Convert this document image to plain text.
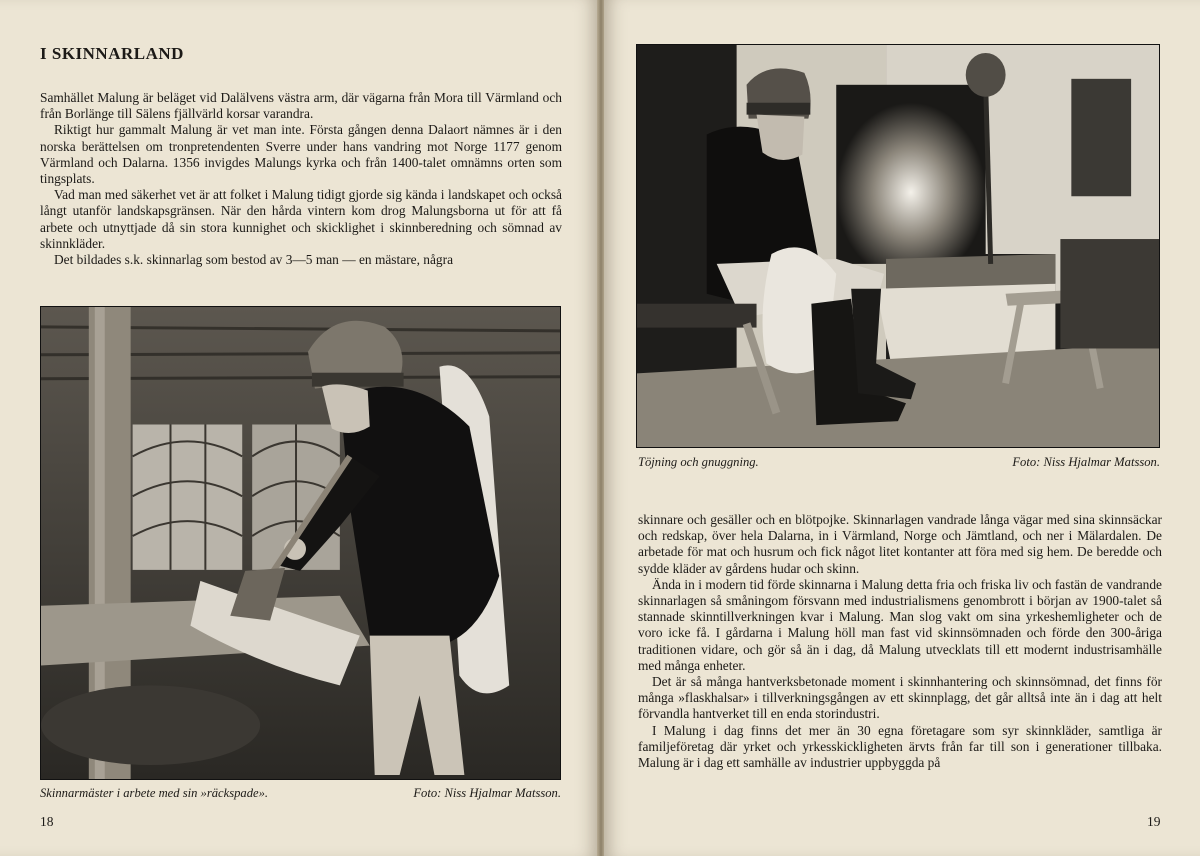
I SKINNARLAND

Samhället Malung är beläget vid Dalälvens västra arm, där vägarna från Mora till Värmland och från Borlänge till Sälens fjällvärld korsar varandra.

Riktigt hur gammalt Malung är vet man inte. Första gången denna Dalaort nämnes är i den norska berättelsen om tronpretendenten Sverre under hans vandring mot Norge 1177 genom Värmland och Dalarna. 1356 invigdes Malungs kyrka och från 1400-talet omnämns orten som tingsplats.

Vad man med säkerhet vet är att folket i Malung tidigt gjorde sig kända i landskapet och också långt utanför landskapsgränsen. När den hårda vintern kom drog Malungsborna ut för att få arbete och utnyttjade då sin stora kunnighet och skicklighet i skinnberedning och sömnad av skinnkläder.

Det bildades s.k. skinnarlag som bestod av 3—5 man — en mästare, några

Skinnarmäster i arbete med sin »räckspade».	Foto: Niss Hjalmar Matsson.
18
Töjning och gnuggning.	Foto: Niss Hjalmar Matsson.

skinnare och gesäller och en blötpojke. Skinnarlagen vandrade långa vägar med sina skinnsäckar och redskap, över hela Dalarna, in i Värmland, Norge och Jämtland, och ner i Mälardalen. De arbetade för mat och husrum och fick något litet kontanter att föra med sig hem. De beredde och sydde kläder av gårdens hudar och skinn.

Ända in i modern tid förde skinnarna i Malung detta fria och friska liv och fastän de vandrande skinnarlagen så småningom försvann med industrialismens genombrott i början av 1900-talet så stannade skinntillverkningen kvar i Malung. Man slog vakt om sina yrkeshemligheter och de voro icke få. I gårdarna i Malung höll man fast vid skinnsömnaden och förde den 300-åriga traditionen vidare, och gör så än i dag, då Malung utvecklats till ett modernt industrisamhälle med många enheter.

Det är så många hantverksbetonade moment i skinnhantering och skinnsömnad, det finns för många »flaskhalsar» i tillverkningsgången av ett skinnplagg, det går alltså inte än i dag att helt förvandla hantverket till en enda storindustri.

I Malung i dag finns det mer än 30 egna företagare som syr skinnkläder, samtliga är familjeföretag där yrket och yrkesskickligheten ärvts från far till son i generationer tillbaka. Malung är i dag ett samhälle av industrier uppbyggda på

19
